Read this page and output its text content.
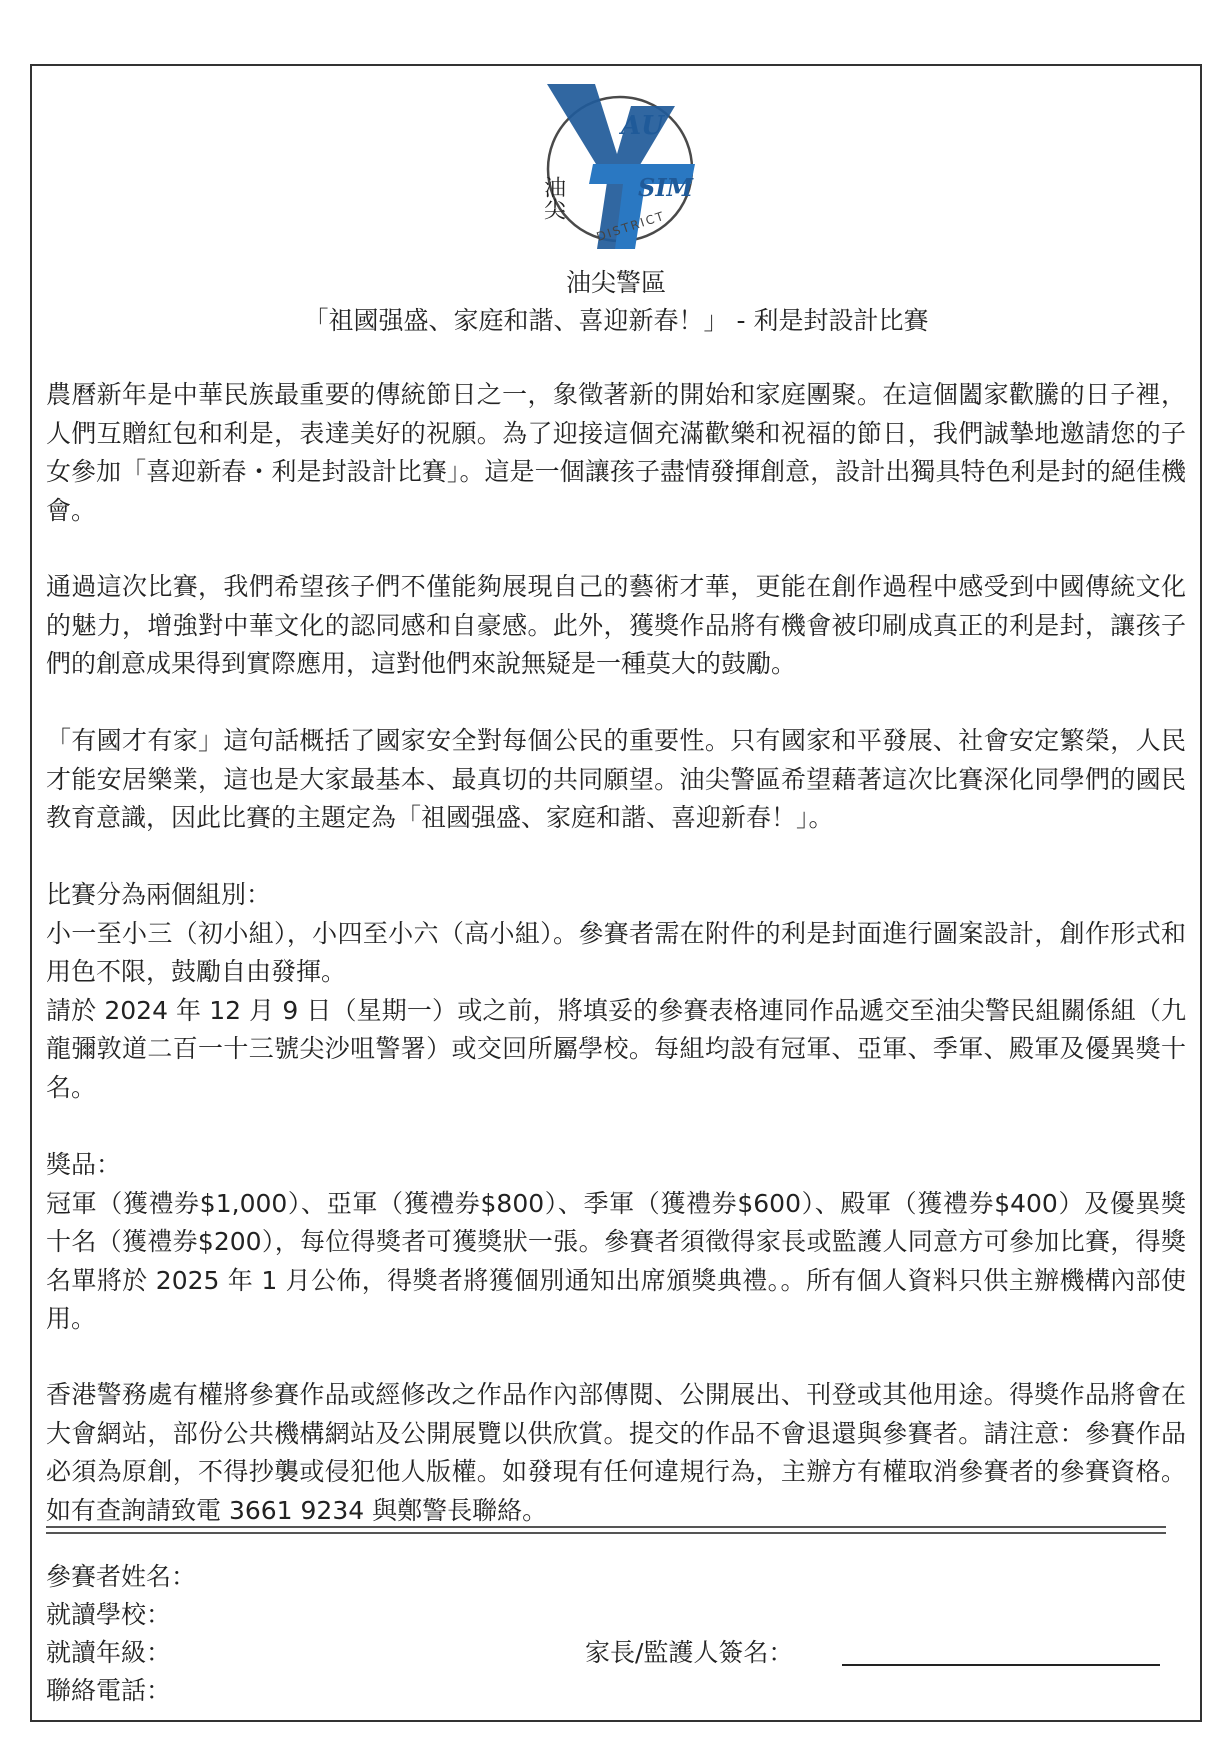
AU
SIM
油尖
DISTRICT
油尖警區
「祖國强盛、家庭和諧、喜迎新春！」 - 利是封設計比賽

農曆新年是中華民族最重要的傳統節日之一，象徵著新的開始和家庭團聚。在這個闔家歡騰的日子裡，人們互贈紅包和利是，表達美好的祝願。為了迎接這個充滿歡樂和祝福的節日，我們誠摯地邀請您的子女參加「喜迎新春・利是封設計比賽」。這是一個讓孩子盡情發揮創意，設計出獨具特色利是封的絕佳機會。

通過這次比賽，我們希望孩子們不僅能夠展現自己的藝術才華，更能在創作過程中感受到中國傳統文化的魅力，增強對中華文化的認同感和自豪感。此外，獲獎作品將有機會被印刷成真正的利是封，讓孩子們的創意成果得到實際應用，這對他們來說無疑是一種莫大的鼓勵。

「有國才有家」這句話概括了國家安全對每個公民的重要性。只有國家和平發展、社會安定繁榮，人民才能安居樂業，這也是大家最基本、最真切的共同願望。油尖警區希望藉著這次比賽深化同學們的國民教育意識，因此比賽的主題定為「祖國强盛、家庭和諧、喜迎新春！」。

比賽分為兩個組別：
小一至小三（初小組），小四至小六（高小組）。參賽者需在附件的利是封面進行圖案設計，創作形式和用色不限，鼓勵自由發揮。
請於 2024 年 12 月 9 日（星期一）或之前，將填妥的參賽表格連同作品遞交至油尖警民組關係組（九龍彌敦道二百一十三號尖沙咀警署）或交回所屬學校。每組均設有冠軍、亞軍、季軍、殿軍及優異獎十名。
獎品：
冠軍（獲禮券$1,000）、亞軍（獲禮券$800）、季軍（獲禮券$600）、殿軍（獲禮券$400）及優異獎十名（獲禮券$200），每位得獎者可獲獎狀一張。參賽者須徵得家長或監護人同意方可參加比賽，得獎名單將於 2025 年 1 月公佈，得獎者將獲個別通知出席頒獎典禮。。所有個人資料只供主辦機構內部使用。

香港警務處有權將參賽作品或經修改之作品作內部傳閱、公開展出、刊登或其他用途。得獎作品將會在大會網站，部份公共機構網站及公開展覽以供欣賞。提交的作品不會退還與參賽者。請注意：參賽作品必須為原創，不得抄襲或侵犯他人版權。如發現有任何違規行為，主辦方有權取消參賽者的參賽資格。如有查詢請致電 3661 9234 與鄭警長聯絡。

參賽者姓名：
就讀學校：
就讀年級：
聯絡電話：
家長/監護人簽名：
